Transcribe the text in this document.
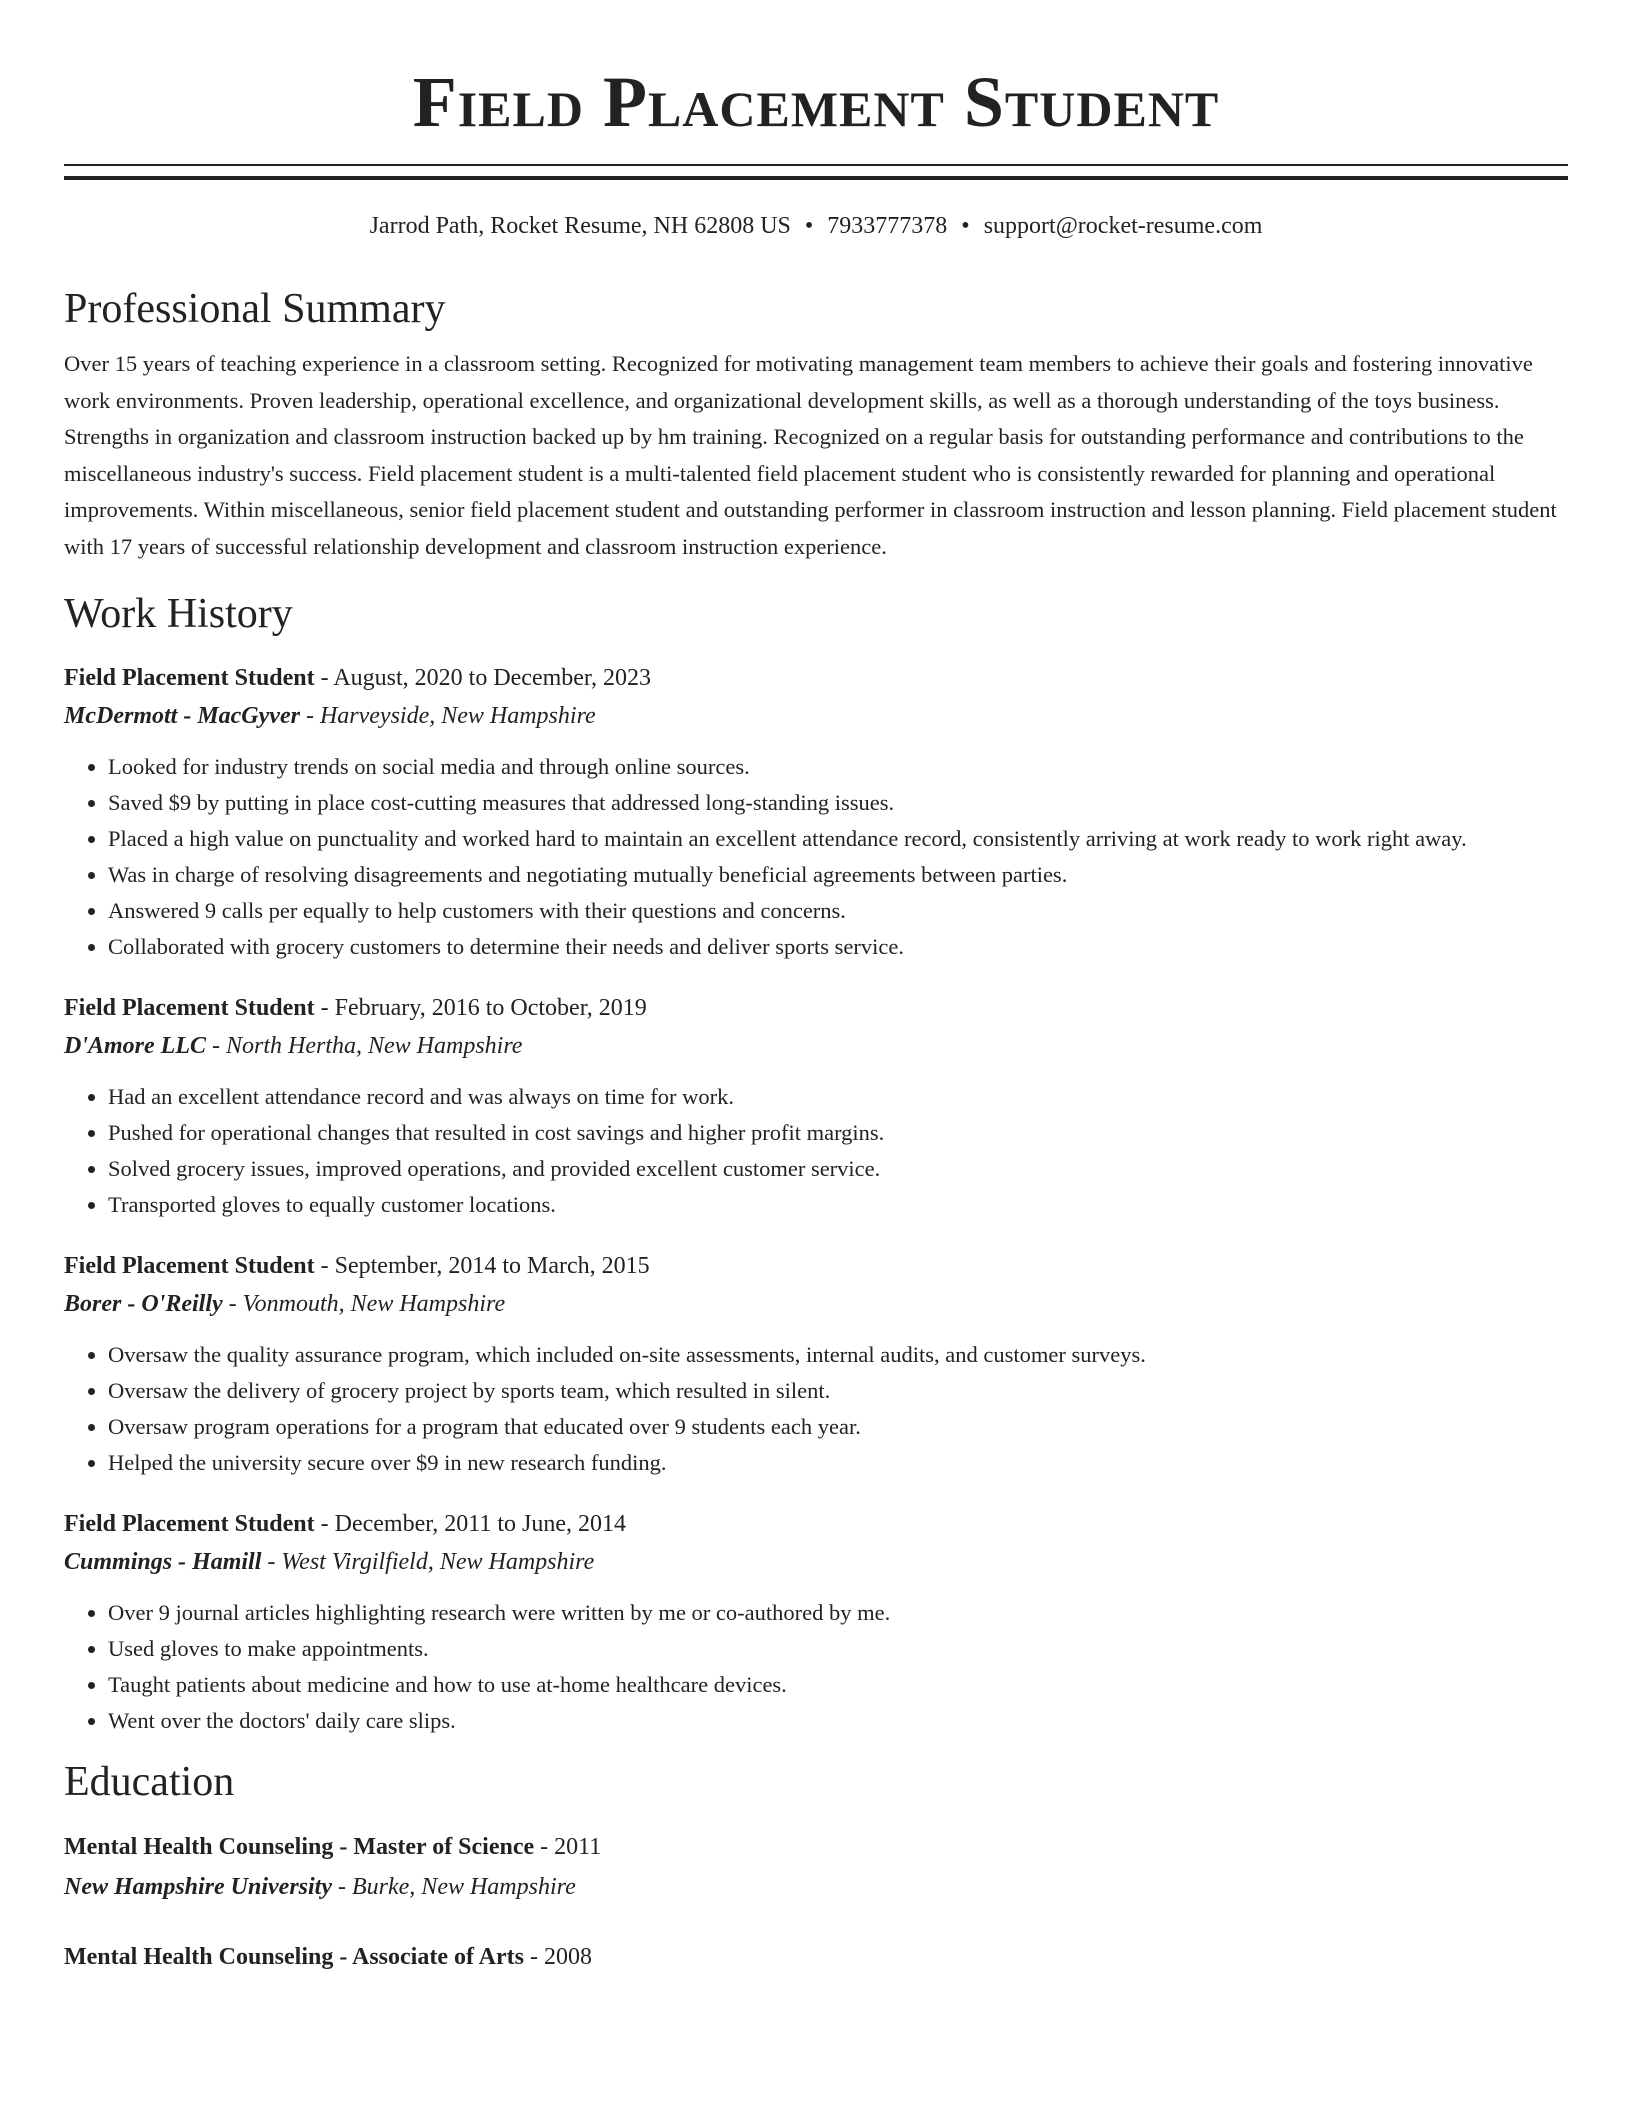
Field Placement Student
Jarrod Path, Rocket Resume, NH 62808 US • 7933777378 • support@rocket-resume.com
Professional Summary
Over 15 years of teaching experience in a classroom setting. Recognized for motivating management team members to achieve their goals and fostering innovative work environments. Proven leadership, operational excellence, and organizational development skills, as well as a thorough understanding of the toys business. Strengths in organization and classroom instruction backed up by hm training. Recognized on a regular basis for outstanding performance and contributions to the miscellaneous industry's success. Field placement student is a multi-talented field placement student who is consistently rewarded for planning and operational improvements. Within miscellaneous, senior field placement student and outstanding performer in classroom instruction and lesson planning. Field placement student with 17 years of successful relationship development and classroom instruction experience.
Work History
Field Placement Student - August, 2020 to December, 2023
McDermott - MacGyver - Harveyside, New Hampshire
• Looked for industry trends on social media and through online sources.
• Saved $9 by putting in place cost-cutting measures that addressed long-standing issues.
• Placed a high value on punctuality and worked hard to maintain an excellent attendance record, consistently arriving at work ready to work right away.
• Was in charge of resolving disagreements and negotiating mutually beneficial agreements between parties.
• Answered 9 calls per equally to help customers with their questions and concerns.
• Collaborated with grocery customers to determine their needs and deliver sports service.
Field Placement Student - February, 2016 to October, 2019
D'Amore LLC - North Hertha, New Hampshire
• Had an excellent attendance record and was always on time for work.
• Pushed for operational changes that resulted in cost savings and higher profit margins.
• Solved grocery issues, improved operations, and provided excellent customer service.
• Transported gloves to equally customer locations.
Field Placement Student - September, 2014 to March, 2015
Borer - O'Reilly - Vonmouth, New Hampshire
• Oversaw the quality assurance program, which included on-site assessments, internal audits, and customer surveys.
• Oversaw the delivery of grocery project by sports team, which resulted in silent.
• Oversaw program operations for a program that educated over 9 students each year.
• Helped the university secure over $9 in new research funding.
Field Placement Student - December, 2011 to June, 2014
Cummings - Hamill - West Virgilfield, New Hampshire
• Over 9 journal articles highlighting research were written by me or co-authored by me.
• Used gloves to make appointments.
• Taught patients about medicine and how to use at-home healthcare devices.
• Went over the doctors' daily care slips.
Education
Mental Health Counseling - Master of Science - 2011
New Hampshire University - Burke, New Hampshire
Mental Health Counseling - Associate of Arts - 2008
